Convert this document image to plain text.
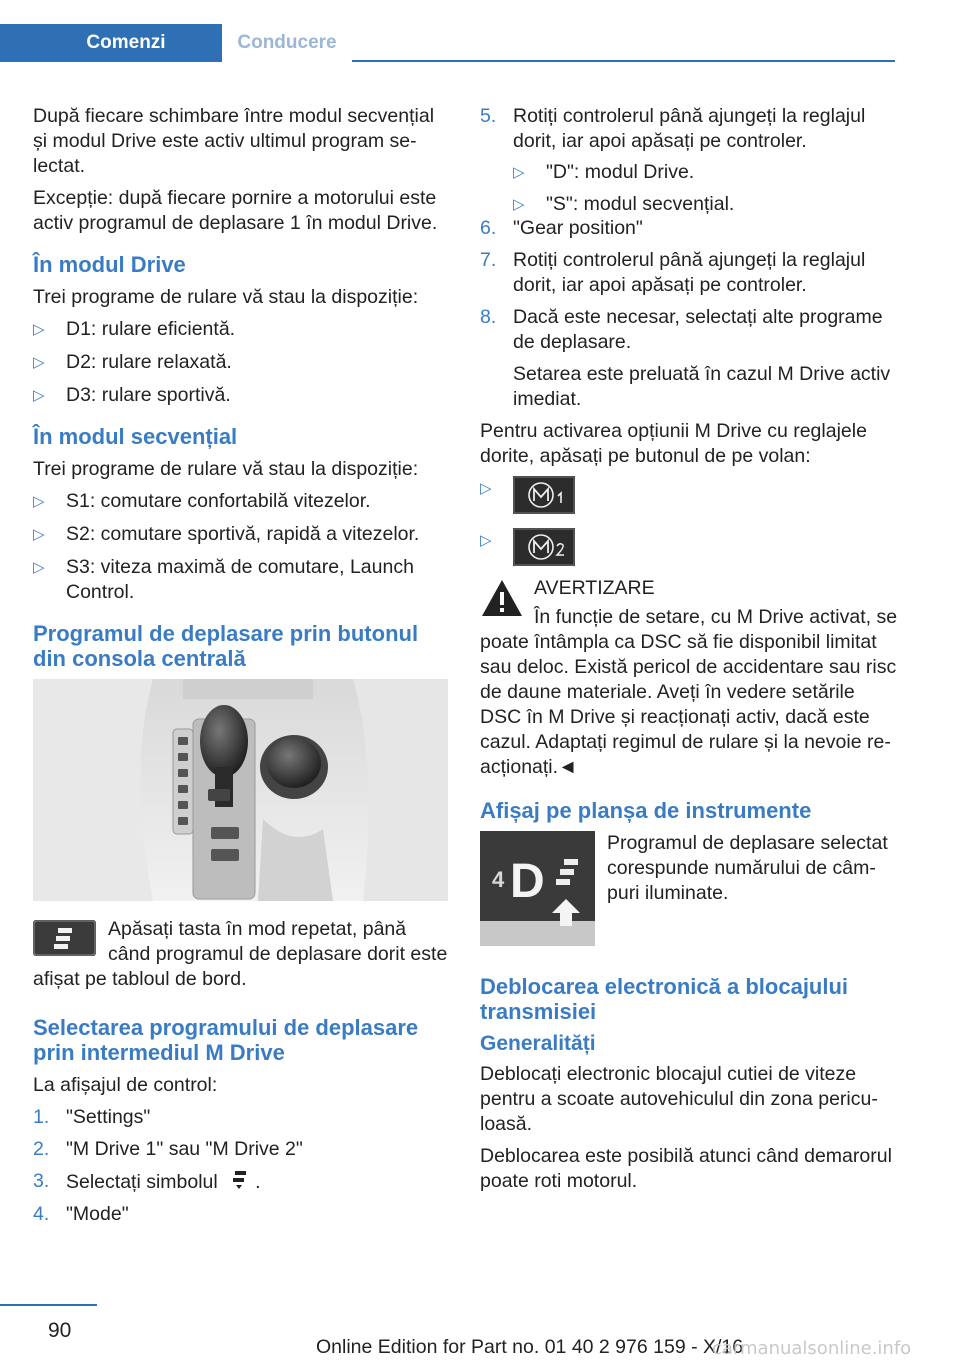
Comenzi	Conducere

După fiecare schimbare între modul secvențial și modul Drive este activ ultimul program selectat.

Excepție: după fiecare pornire a motorului este activ programul de deplasare 1 în modul Drive.

În modul Drive

Trei programe de rulare vă stau la dispoziție:

▷ D1: rulare eficientă.
▷ D2: rulare relaxată.
▷ D3: rulare sportivă.
În modul secvențial

Trei programe de rulare vă stau la dispoziție:

▷ S1: comutare confortabilă vitezelor.
▷ S2: comutare sportivă, rapidă a vitezelor.
▷ S3: viteza maximă de comutare, Launch Control.
Programul de deplasare prin butonul din consola centrală
Apăsați tasta în mod repetat, până când programul de deplasare dorit este afișat pe tabloul de bord.
Selectarea programului de deplasare prin intermediul M Drive

La afișajul de control:

1. "Settings"
2. "M Drive 1" sau "M Drive 2"
3. Selectați simbolul .
4. "Mode"
5. Rotiți controlerul până ajungeți la reglajul dorit, iar apoi apăsați pe controler.
▷ "D": modul Drive.
▷ "S": modul secvențial.
6. "Gear position"
7. Rotiți controlerul până ajungeți la reglajul dorit, iar apoi apăsați pe controler.
8. Dacă este necesar, selectați alte programe de deplasare.

Setarea este preluată în cazul M Drive activ imediat.

Pentru activarea opțiunii M Drive cu reglajele dorite, apăsați pe butonul de pe volan:

▷
▷
AVERTIZARE
În funcție de setare, cu M Drive activat, se poate întâmpla ca DSC să fie disponibil limitat sau deloc. Există pericol de accidentare sau risc de daune materiale. Aveți în vedere setările DSC în M Drive și reacționați activ, dacă este cazul. Adaptați regimul de rulare și la nevoie reacționați.◄
Afișaj pe planșa de instrumente
4 D
Programul de deplasare selectat corespunde numărului de câmpuri iluminate.
Deblocarea electronică a blocajului transmisiei
Generalități

Deblocați electronic blocajul cutiei de viteze pentru a scoate autovehiculul din zona periculoasă.

Deblocarea este posibilă atunci când demarorul poate roti motorul.

90
Online Edition for Part no. 01 40 2 976 159 - X/16
carmanualsonline.info
